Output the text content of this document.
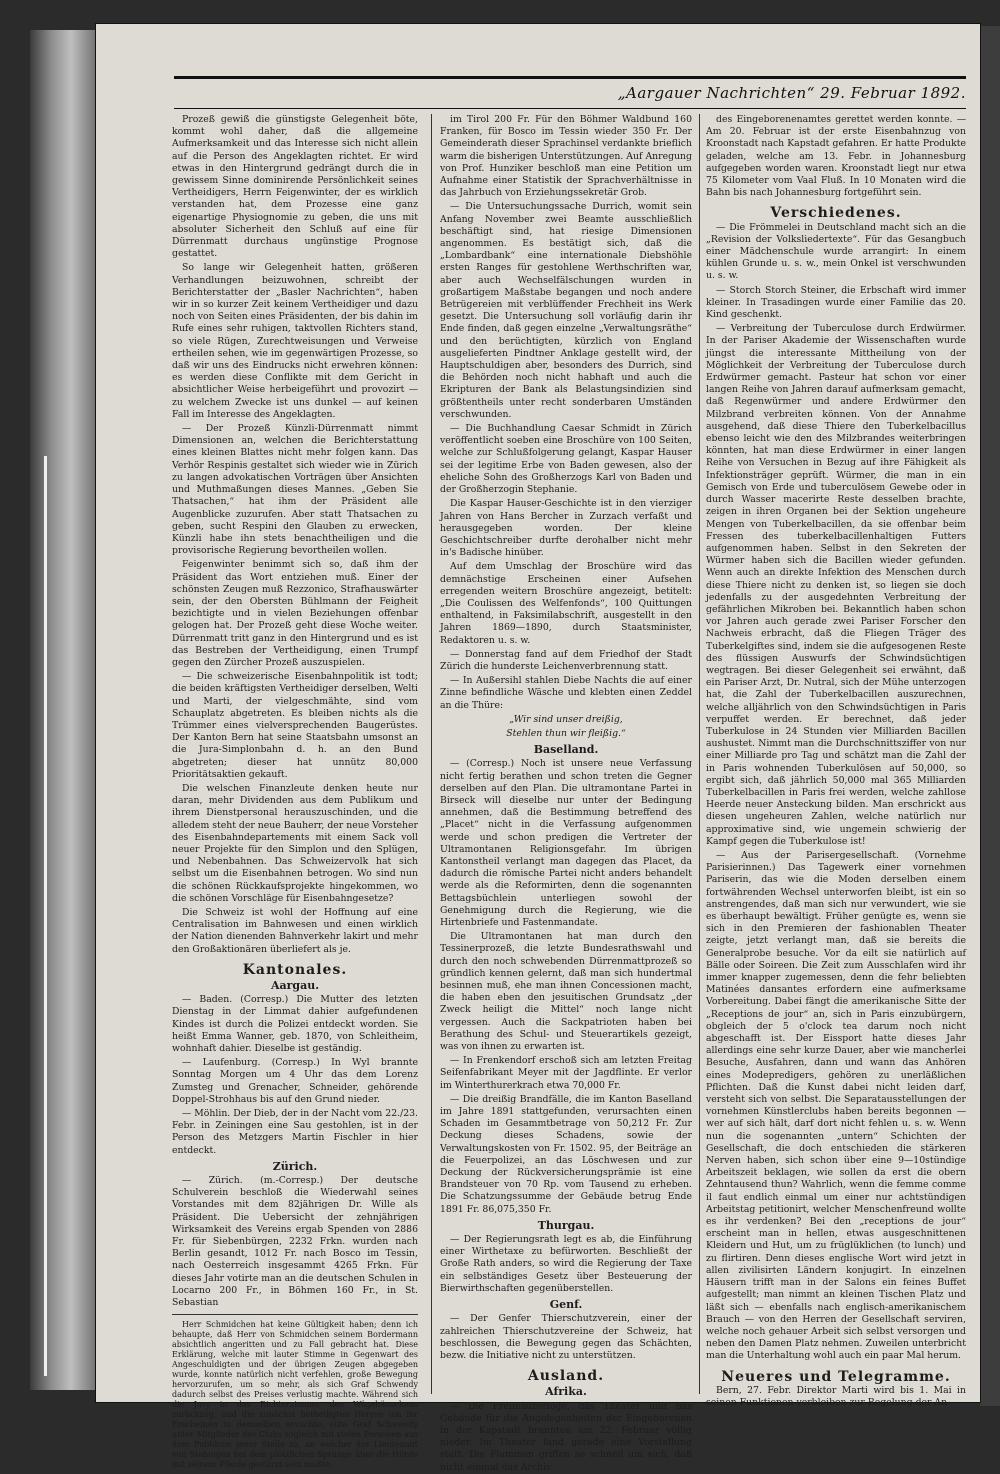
„Aargauer Nachrichten“ 29. Februar 1892.

Prozeß gewiß die günstigste Gelegenheit böte, kommt wohl daher, daß die allgemeine Aufmerksamkeit und das Interesse sich nicht allein auf die Person des Angeklagten richtet. Er wird etwas in den Hintergrund gedrängt durch die in gewissem Sinne dominirende Persönlichkeit seines Vertheidigers, Herrn Feigenwinter, der es wirklich verstanden hat, dem Prozesse eine ganz eigenartige Physiognomie zu geben, die uns mit absoluter Sicherheit den Schluß auf eine für Dürrenmatt durchaus ungünstige Prognose gestattet.

So lange wir Gelegenheit hatten, größeren Verhandlungen beizuwohnen, schreibt der Berichterstatter der „Basler Nachrichten“, haben wir in so kurzer Zeit keinem Vertheidiger und dazu noch von Seiten eines Präsidenten, der bis dahin im Rufe eines sehr ruhigen, taktvollen Richters stand, so viele Rügen, Zurechtweisungen und Verweise ertheilen sehen, wie im gegenwärtigen Prozesse, so daß wir uns des Eindrucks nicht erwehren können: es werden diese Conflikte mit dem Gericht in absichtlicher Weise herbeigeführt und provozirt — zu welchem Zwecke ist uns dunkel — auf keinen Fall im Interesse des Angeklagten.

— Der Prozeß Künzli-Dürrenmatt nimmt Dimensionen an, welchen die Berichterstattung eines kleinen Blattes nicht mehr folgen kann. Das Verhör Respinis gestaltet sich wieder wie in Zürich zu langen advokatischen Vorträgen über Ansichten und Muthmaßungen dieses Mannes. „Geben Sie Thatsachen,“ hat ihm der Präsident alle Augenblicke zuzurufen. Aber statt Thatsachen zu geben, sucht Respini den Glauben zu erwecken, Künzli habe ihn stets benachtheiligen und die provisorische Regierung bevortheilen wollen.

Feigenwinter benimmt sich so, daß ihm der Präsident das Wort entziehen muß. Einer der schönsten Zeugen muß Rezzonico, Strafhauswärter sein, der den Obersten Bühlmann der Feigheit bezichtigte und in vielen Beziehungen offenbar gelogen hat. Der Prozeß geht diese Woche weiter. Dürrenmatt tritt ganz in den Hintergrund und es ist das Bestreben der Vertheidigung, einen Trumpf gegen den Zürcher Prozeß auszuspielen.

— Die schweizerische Eisenbahnpolitik ist todt; die beiden kräftigsten Vertheidiger derselben, Welti und Marti, der vielgeschmähte, sind vom Schauplatz abgetreten. Es bleiben nichts als die Trümmer eines vielversprechenden Baugerüstes. Der Kanton Bern hat seine Staatsbahn umsonst an die Jura-Simplonbahn d. h. an den Bund abgetreten; dieser hat unnütz 80,000 Prioritätsaktien gekauft.

Die welschen Finanzleute denken heute nur daran, mehr Dividenden aus dem Publikum und ihrem Dienstpersonal herauszuschinden, und die alledem steht der neue Bauherr, der neue Vorsteher des Eisenbahndepartements mit einem Sack voll neuer Projekte für den Simplon und den Splügen, und Nebenbahnen. Das Schweizervolk hat sich selbst um die Eisenbahnen betrogen. Wo sind nun die schönen Rückkaufsprojekte hingekommen, wo die schönen Vorschläge für Eisenbahngesetze?

Die Schweiz ist wohl der Hoffnung auf eine Centralisation im Bahnwesen und einen wirklich der Nation dienenden Bahnverkehr lakirt und mehr den Großaktionären überliefert als je.

Kantonales.
Aargau.

— Baden. (Corresp.) Die Mutter des letzten Dienstag in der Limmat dahier aufgefundenen Kindes ist durch die Polizei entdeckt worden. Sie heißt Emma Wanner, geb. 1870, von Schleitheim, wohnhaft dahier. Dieselbe ist geständig.

— Laufenburg. (Corresp.) In Wyl brannte Sonntag Morgen um 4 Uhr das dem Lorenz Zumsteg und Grenacher, Schneider, gehörende Doppel-Strohhaus bis auf den Grund nieder.

— Möhlin. Der Dieb, der in der Nacht vom 22./23. Febr. in Zeiningen eine Sau gestohlen, ist in der Person des Metzgers Martin Fischler in hier entdeckt.

Zürich.

— Zürich. (m.-Corresp.) Der deutsche Schulverein beschloß die Wiederwahl seines Vorstandes mit dem 82jährigen Dr. Wille als Präsident. Die Uebersicht der zehnjährigen Wirksamkeit des Vereins ergab Spenden von 2886 Fr. für Siebenbürgen, 2232 Frkn. wurden nach Berlin gesandt, 1012 Fr. nach Bosco im Tessin, nach Oesterreich insgesammt 4265 Frkn. Für dieses Jahr votirte man an die deutschen Schulen in Locarno 200 Fr., in Böhmen 160 Fr., in St. Sebastian

Herr Schmidchen hat keine Gültigkeit haben; denn ich behaupte, daß Herr von Schmidchen seinem Bordermann absichtlich angeritten und zu Fall gebracht hat. Diese Erklärung, welche mit lauter Stimme in Gegenwart des Angeschuldigten und der übrigen Zeugen abgegeben wurde, konnte natürlich nicht verfehlen, große Bewegung hervorzurufen, um so mehr, als sich Graf Schwendy dadurch selbst des Preises verlustig machte. Während sich die Jury in das Richterzimmer des Wägehäuschens zurückzog, und die zunächst betheiligten Herren um ihr Erscheinen in demselben ersuchte, eilte Graf Schwendy unter Mitglieder des Clubs sogleich mit vielen Personen aus dem Publikum jener Stelle zu, an welcher der Lieutenant von Stebingen bei dem plötzlichen Sprunge über die Hürde mit seinem Pferde gestürzt sein mußte.

im Tirol 200 Fr. Für den Böhmer Waldbund 160 Franken, für Bosco im Tessin wieder 350 Fr. Der Gemeinderath dieser Sprachinsel verdankte brieflich warm die bisherigen Unterstützungen. Auf Anregung von Prof. Hunziker beschloß man eine Petition um Aufnahme einer Statistik der Sprachverhältnisse in das Jahrbuch von Erziehungssekretär Grob.

— Die Untersuchungssache Durrich, womit sein Anfang November zwei Beamte ausschließlich beschäftigt sind, hat riesige Dimensionen angenommen. Es bestätigt sich, daß die „Lombardbank“ eine internationale Diebshöhle ersten Ranges für gestohlene Werthschriften war, aber auch Wechselfälschungen wurden in großartigem Maßstabe begangen und noch andere Betrügereien mit verblüffender Frechheit ins Werk gesetzt. Die Untersuchung soll vorläufig darin ihr Ende finden, daß gegen einzelne „Verwaltungsräthe“ und den berüchtigten, kürzlich von England ausgelieferten Pindtner Anklage gestellt wird, der Hauptschuldigen aber, besonders des Durrich, sind die Behörden noch nicht habhaft und auch die Ekripturen der Bank als Belastungsindizien sind größtentheils unter recht sonderbaren Umständen verschwunden.

— Die Buchhandlung Caesar Schmidt in Zürich veröffentlicht soeben eine Broschüre von 100 Seiten, welche zur Schlußfolgerung gelangt, Kaspar Hauser sei der legitime Erbe von Baden gewesen, also der eheliche Sohn des Großherzogs Karl von Baden und der Großherzogin Stephanie.

Die Kaspar Hauser-Geschichte ist in den vierziger Jahren von Hans Bercher in Zurzach verfaßt und herausgegeben worden. Der kleine Geschichtschreiber durfte derohalber nicht mehr in's Badische hinüber.

Auf dem Umschlag der Broschüre wird das demnächstige Erscheinen einer Aufsehen erregenden weitern Broschüre angezeigt, betitelt: „Die Coulissen des Welfenfonds“, 100 Quittungen enthaltend, in Faksimilabschrift, ausgestellt in den Jahren 1869—1890, durch Staatsminister, Redaktoren u. s. w.

— Donnerstag fand auf dem Friedhof der Stadt Zürich die hunderste Leichenverbrennung statt.

— In Außersihl stahlen Diebe Nachts die auf einer Zinne befindliche Wäsche und klebten einen Zeddel an die Thüre:

„Wir sind unser dreißig,

Stehlen thun wir fleißig.“

Baselland.

— (Corresp.) Noch ist unsere neue Verfassung nicht fertig berathen und schon treten die Gegner derselben auf den Plan. Die ultramontane Partei in Birseck will dieselbe nur unter der Bedingung annehmen, daß die Bestimmung betreffend des „Placet“ nicht in die Verfassung aufgenommen werde und schon predigen die Vertreter der Ultramontanen Religionsgefahr. Im übrigen Kantonstheil verlangt man dagegen das Placet, da dadurch die römische Partei nicht anders behandelt werde als die Reformirten, denn die sogenannten Bettagsbüchlein unterliegen sowohl der Genehmigung durch die Regierung, wie die Hirtenbriefe und Fastenmandate.

Die Ultramontanen hat man durch den Tessinerprozeß, die letzte Bundesrathswahl und durch den noch schwebenden Dürrenmattprozeß so gründlich kennen gelernt, daß man sich hundertmal besinnen muß, ehe man ihnen Concessionen macht, die haben eben den jesuitischen Grundsatz „der Zweck heiligt die Mittel“ noch lange nicht vergessen. Auch die Sackpatrioten haben bei Berathung des Schul- und Steuerartikels gezeigt, was von ihnen zu erwarten ist.

— In Frenkendorf erschoß sich am letzten Freitag Seifenfabrikant Meyer mit der Jagdflinte. Er verlor im Winterthurerkrach etwa 70,000 Fr.

— Die dreißig Brandfälle, die im Kanton Baselland im Jahre 1891 stattgefunden, verursachten einen Schaden im Gesammtbetrage von 50,212 Fr. Zur Deckung dieses Schadens, sowie der Verwaltungskosten von Fr. 1502. 95, der Beiträge an die Feuerpolizei, an das Löschwesen und zur Deckung der Rückversicherungsprämie ist eine Brandsteuer von 70 Rp. vom Tausend zu erheben. Die Schatzungssumme der Gebäude betrug Ende 1891 Fr. 86,075,350 Fr.

Thurgau.

— Der Regierungsrath legt es ab, die Einführung einer Wirthetaxe zu befürworten. Beschließt der Große Rath anders, so wird die Regierung der Taxe ein selbständiges Gesetz über Besteuerung der Bierwirthschaften gegenüberstellen.

Genf.

— Der Genfer Thierschutzverein, einer der zahlreichen Thierschutzvereine der Schweiz, hat beschlossen, die Bewegung gegen das Schächten, bezw. die Initiative nicht zu unterstützen.

Ausland.
Afrika.

— Die Freimaurerloge, das Theater und das Gebäude für die Angelegenheiten der Eingeborenen in der Kapstadt brannten am 22. Februar völlig nieder. Im Theater fand gerade eine Vorstellung statt. Die Flammen griffen so schnell um sich, daß nicht einmal das Archiv

des Eingeborenenamtes gerettet werden konnte. — Am 20. Februar ist der erste Eisenbahnzug von Kroonstadt nach Kapstadt gefahren. Er hatte Produkte geladen, welche am 13. Febr. in Johannesburg aufgegeben worden waren. Kroonstadt liegt nur etwa 75 Kilometer vom Vaal Fluß. In 10 Monaten wird die Bahn bis nach Johannesburg fortgeführt sein.

Verschiedenes.

— Die Frömmelei in Deutschland macht sich an die „Revision der Volksliedertexte“. Für das Gesangbuch einer Mädchenschule wurde arrangirt: In einem kühlen Grunde u. s. w., mein Onkel ist verschwunden u. s. w.

— Storch Storch Steiner, die Erbschaft wird immer kleiner. In Trasadingen wurde einer Familie das 20. Kind geschenkt.

— Verbreitung der Tuberculose durch Erdwürmer. In der Pariser Akademie der Wissenschaften wurde jüngst die interessante Mittheilung von der Möglichkeit der Verbreitung der Tuberculose durch Erdwürmer gemacht. Pasteur hat schon vor einer langen Reihe von Jahren darauf aufmerksam gemacht, daß Regenwürmer und andere Erdwürmer den Milzbrand verbreiten können. Von der Annahme ausgehend, daß diese Thiere den Tuberkelbacillus ebenso leicht wie den des Milzbrandes weiterbringen könnten, hat man diese Erdwürmer in einer langen Reihe von Versuchen in Bezug auf ihre Fähigkeit als Infektionsträger geprüft. Würmer, die man in ein Gemisch von Erde und tuberculösem Gewebe oder in durch Wasser macerirte Reste desselben brachte, zeigen in ihren Organen bei der Sektion ungeheure Mengen von Tuberkelbacillen, da sie offenbar beim Fressen des tuberkelbacillenhaltigen Futters aufgenommen haben. Selbst in den Sekreten der Würmer haben sich die Bacillen wieder gefunden. Wenn auch an direkte Infektion des Menschen durch diese Thiere nicht zu denken ist, so liegen sie doch jedenfalls zu der ausgedehnten Verbreitung der gefährlichen Mikroben bei. Bekanntlich haben schon vor Jahren auch gerade zwei Pariser Forscher den Nachweis erbracht, daß die Fliegen Träger des Tuberkelgiftes sind, indem sie die aufgesogenen Reste des flüssigen Auswurfs der Schwindsüchtigen wegtragen. Bei dieser Gelegenheit sei erwähnt, daß ein Pariser Arzt, Dr. Nutral, sich der Mühe unterzogen hat, die Zahl der Tuberkelbacillen auszurechnen, welche alljährlich von den Schwindsüchtigen in Paris verpuffet werden. Er berechnet, daß jeder Tuberkulose in 24 Stunden vier Milliarden Bacillen aushustet. Nimmt man die Durchschnittsziffer von nur einer Milliarde pro Tag und schätzt man die Zahl der in Paris wohnenden Tuberkulösen auf 50,000, so ergibt sich, daß jährlich 50,000 mal 365 Milliarden Tuberkelbacillen in Paris frei werden, welche zahllose Heerde neuer Ansteckung bilden. Man erschrickt aus diesen ungeheuren Zahlen, welche natürlich nur approximative sind, wie ungemein schwierig der Kampf gegen die Tuberkulose ist!

— Aus der Parisergesellschaft. (Vornehme Parisierinnen.) Das Tagewerk einer vornehmen Pariserin, das wie die Moden derselben einem fortwährenden Wechsel unterworfen bleibt, ist ein so anstrengendes, daß man sich nur verwundert, wie sie es überhaupt bewältigt. Früher genügte es, wenn sie sich in den Premieren der fashionablen Theater zeigte, jetzt verlangt man, daß sie bereits die Generalprobe besuche. Vor da eilt sie natürlich auf Bälle oder Soireen. Die Zeit zum Ausschlafen wird ihr immer knapper zugemessen, denn die fehr beliebten Matinées dansantes erfordern eine aufmerksame Vorbereitung. Dabei fängt die amerikanische Sitte der „Receptions de jour“ an, sich in Paris einzubürgern, obgleich der 5 o'clock tea darum noch nicht abgeschafft ist. Der Eissport hatte dieses Jahr allerdings eine sehr kurze Dauer, aber wie mancherlei Besuche, Ausfahren, dann und wann das Anhören eines Modepredigers, gehören zu unerläßlichen Pflichten. Daß die Kunst dabei nicht leiden darf, versteht sich von selbst. Die Separatausstellungen der vornehmen Künstlerclubs haben bereits begonnen — wer auf sich hält, darf dort nicht fehlen u. s. w. Wenn nun die sogenannten „untern“ Schichten der Gesellschaft, die doch entschieden die stärkeren Nerven haben, sich schon über eine 9—10stündige Arbeitszeit beklagen, wie sollen da erst die obern Zehntausend thun? Wahrlich, wenn die femme comme il faut endlich einmal um einer nur achtstündigen Arbeitstag petitionirt, welcher Menschenfreund wollte es ihr verdenken? Bei den „receptions de jour“ erscheint man in hellen, etwas ausgeschnittenen Kleidern und Hut, um zu früglüklichen (to lunch) und zu flirtiren. Denn dieses englische Wort wird jetzt in allen zivilisirten Ländern konjugirt. In einzelnen Häusern trifft man in der Salons ein feines Buffet aufgestellt; man nimmt an kleinen Tischen Platz und läßt sich — ebenfalls nach englisch-amerikanischem Brauch — von den Herren der Gesellschaft serviren, welche noch gehauer Arbeit sich selbst versorgen und neben den Damen Platz nehmen. Zuweilen unterbricht man die Unterhaltung wohl auch ein paar Mal herum.

Neueres und Telegramme.

Bern, 27. Febr. Direktor Marti wird bis 1. Mai in seinen Funktionen verbleiben zur Regelung der An-
